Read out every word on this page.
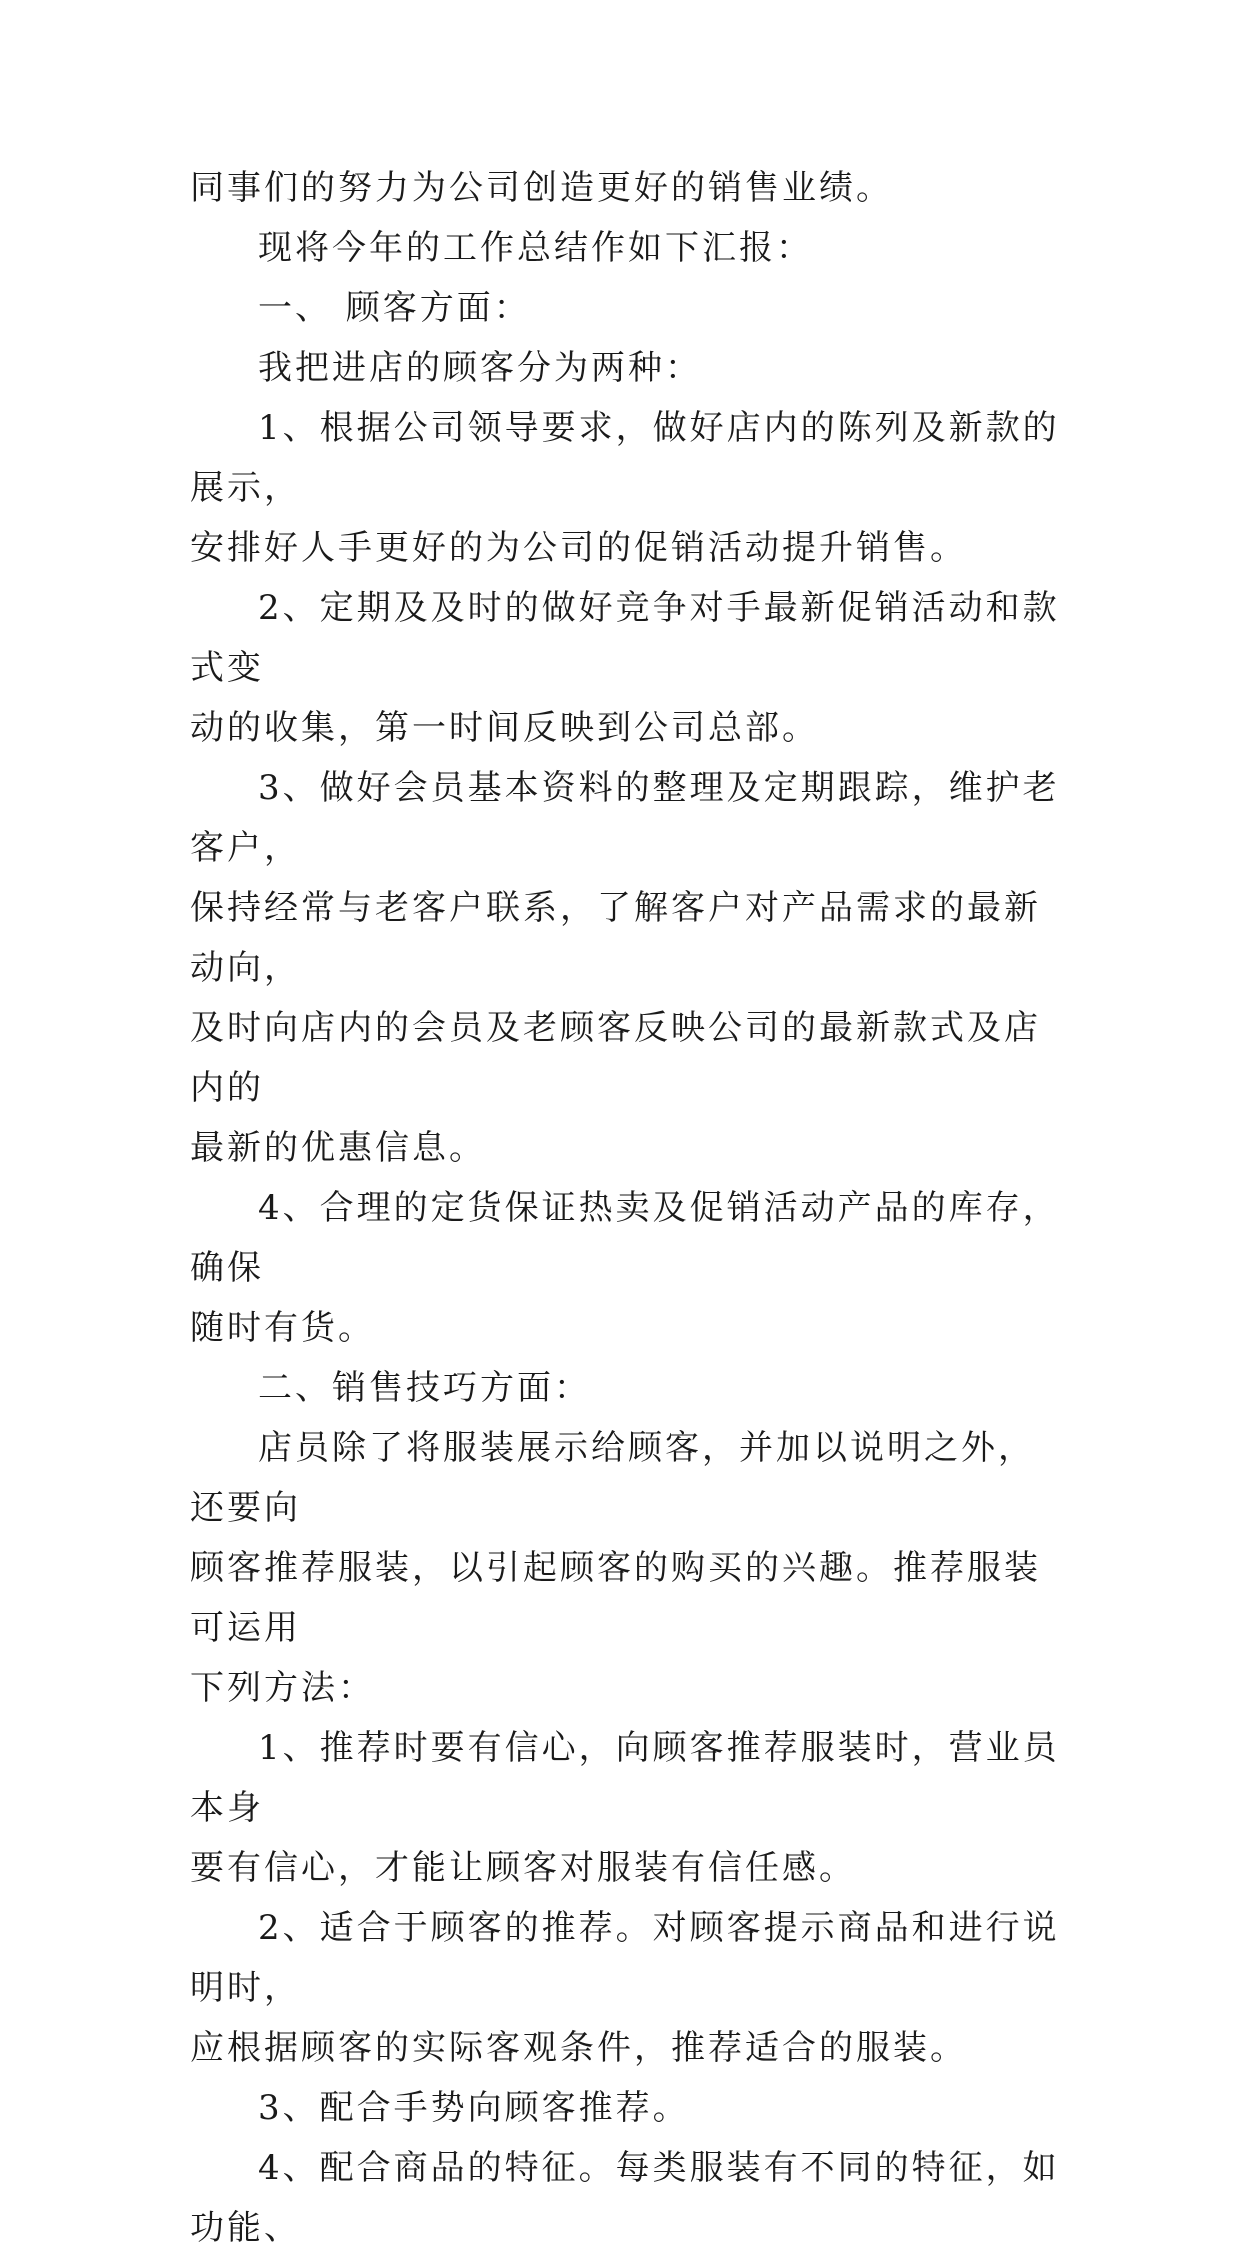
同事们的努力为公司创造更好的销售业绩。

现将今年的工作总结作如下汇报：

一、 顾客方面：

我把进店的顾客分为两种：

1、根据公司领导要求，做好店内的陈列及新款的展示，
安排好人手更好的为公司的促销活动提升销售。

2、定期及及时的做好竞争对手最新促销活动和款式变
动的收集，第一时间反映到公司总部。

3、做好会员基本资料的整理及定期跟踪，维护老客户，
保持经常与老客户联系，了解客户对产品需求的最新动向，
及时向店内的会员及老顾客反映公司的最新款式及店内的
最新的优惠信息。

4、合理的定货保证热卖及促销活动产品的库存，确保
随时有货。

二、销售技巧方面：

店员除了将服装展示给顾客，并加以说明之外，还要向
顾客推荐服装，以引起顾客的购买的兴趣。推荐服装可运用
下列方法：

1、推荐时要有信心，向顾客推荐服装时，营业员本身
要有信心，才能让顾客对服装有信任感。

2、适合于顾客的推荐。对顾客提示商品和进行说明时，
应根据顾客的实际客观条件，推荐适合的服装。

3、配合手势向顾客推荐。

4、配合商品的特征。每类服装有不同的特征，如功能、
